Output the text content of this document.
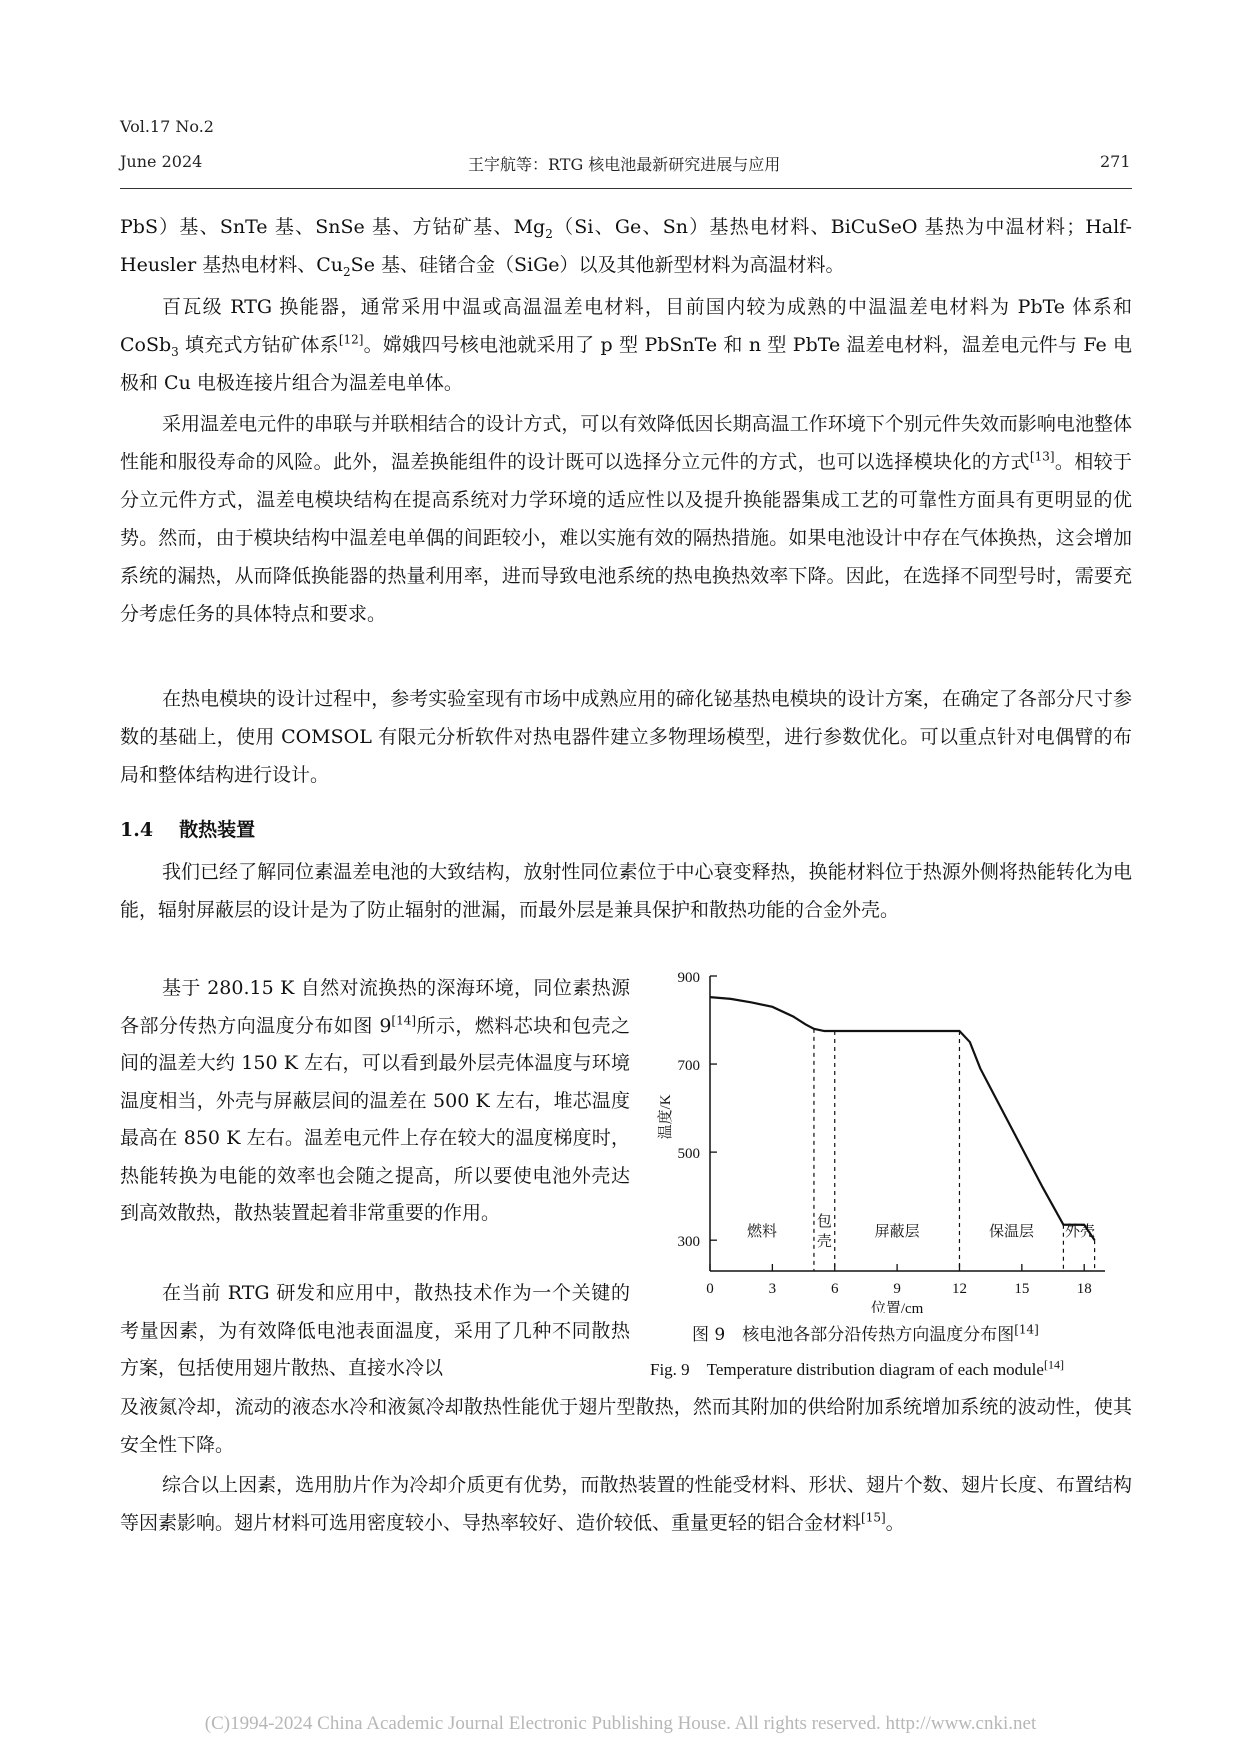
Vol.17 No.2
June 2024	王宇航等：RTG 核电池最新研究进展与应用	271

PbS）基、SnTe 基、SnSe 基、方钴矿基、$Mg_2(Si$、Ge、Sn）基热电材料、BiCuSeO 基热为中温材料；Half-Heusler 基热电材料、$Cu_2Se$ 基、硅锗合金（SiGe）以及其他新型材料为高温材料。

百瓦级 RTG 换能器，通常采用中温或高温温差电材料，目前国内较为成熟的中温温差电材料为 PbTe 体系和 CoSb$_3$ 填充式方钴矿体系[12]。嫦娥四号核电池就采用了 p 型 PbSnTe 和 n 型 PbTe 温差电材料，温差电元件与 Fe 电极和 Cu 电极连接片组合为温差电单体。

采用温差电元件的串联与并联相结合的设计方式，可以有效降低因长期高温工作环境下个别元件失效而影响电池整体性能和服役寿命的风险。此外，温差换能组件的设计既可以选择分立元件的方式，也可以选择模块化的方式[13]。相较于分立元件方式，温差电模块结构在提高系统对力学环境的适应性以及提升换能器集成工艺的可靠性方面具有更明显的优势。然而，由于模块结构中温差电单偶的间距较小，难以实施有效的隔热措施。如果电池设计中存在气体换热，这会增加系统的漏热，从而降低换能器的热量利用率，进而导致电池系统的热电换热效率下降。因此，在选择不同型号时，需要充分考虑任务的具体特点和要求。

在热电模块的设计过程中，参考实验室现有市场中成熟应用的碲化铋基热电模块的设计方案，在确定了各部分尺寸参数的基础上，使用 COMSOL 有限元分析软件对热电器件建立多物理场模型，进行参数优化。可以重点针对电偶臂的布局和整体结构进行设计。

1.4 散热装置

我们已经了解同位素温差电池的大致结构，放射性同位素位于中心衰变释热，换能材料位于热源外侧将热能转化为电能，辐射屏蔽层的设计是为了防止辐射的泄漏，而最外层是兼具保护和散热功能的合金外壳。

基于 280.15 K 自然对流换热的深海环境，同位素热源各部分传热方向温度分布如图 9[14]所示，燃料芯块和包壳之间的温差大约 150 K 左右，可以看到最外层壳体温度与环境温度相当，外壳与屏蔽层间的温差在 500 K 左右，堆芯温度最高在 850 K 左右。温差电元件上存在较大的温度梯度时，热能转换为电能的效率也会随之提高，所以要使电池外壳达到高效散热，散热装置起着非常重要的作用。

在当前 RTG 研发和应用中，散热技术作为一个关键的考量因素，为有效降低电池表面温度，采用了几种不同散热方案，包括使用翅片散热、直接水冷以

及液氮冷却，流动的液态水冷和液氮冷却散热性能优于翅片型散热，然而其附加的供给附加系统增加系统的波动性，使其安全性下降。

综合以上因素，选用肋片作为冷却介质更有优势，而散热装置的性能受材料、形状、翅片个数、翅片长度、布置结构等因素影响。翅片材料可选用密度较小、导热率较好、造价较低、重量更轻的铝合金材料[15]。

300
500
700
900
0	3	6	9	12	15	18
位置/cm
温度/K
燃料
包
壳
屏蔽层	保温层 外壳
图 9　核电池各部分沿传热方向温度分布图[14]
Fig. 9　Temperature distribution diagram of each module[14]
(C)1994-2024 China Academic Journal Electronic Publishing House. All rights reserved. http://www.cnki.net
